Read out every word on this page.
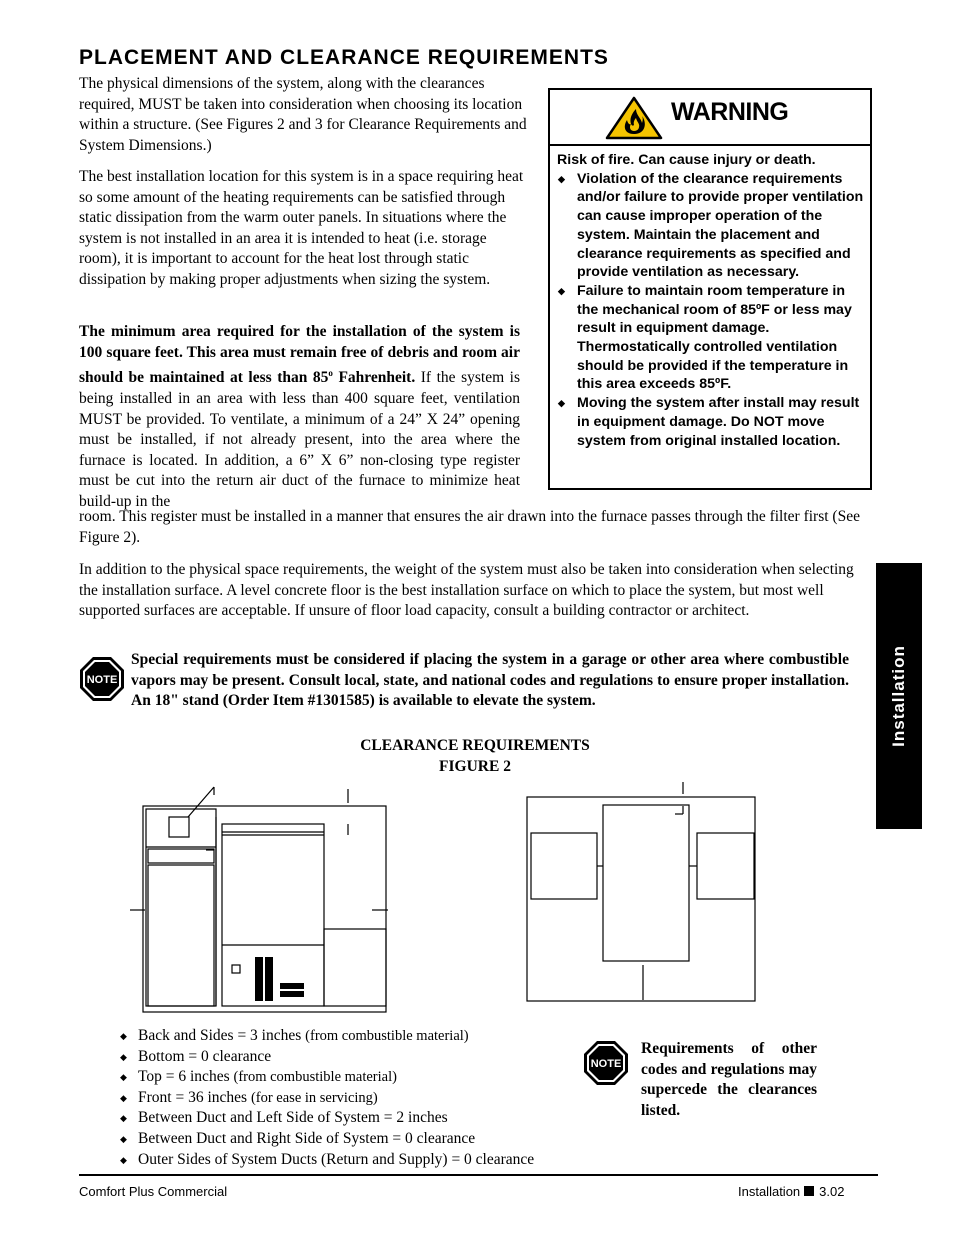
PLACEMENT AND CLEARANCE REQUIREMENTS

The physical dimensions of the system, along with the clearances required, MUST be taken into consideration when choosing its location within a structure. (See Figures 2 and 3 for Clearance Requirements and System Dimensions.)

The best installation location for this system is in a space requiring heat so some amount of the heating requirements can be satisfied through static dissipation from the warm outer panels. In situations where the system is not installed in an area it is intended to heat (i.e. storage room), it is important to account for the heat lost through static dissipation by making proper adjustments when sizing the system.

The minimum area required for the installation of the system is 100 square feet. This area must remain free of debris and room air should be maintained at less than 85$^o$ Fahrenheit. If the system is being installed in an area with less than 400 square feet, ventilation MUST be provided. To ventilate, a minimum of a 24” X 24” opening must be installed, if not already present, into the area where the furnace is located. In addition, a 6” X 6” non-closing type register must be cut into the return air duct of the furnace to minimize heat build-up in the

room. This register must be installed in a manner that ensures the air drawn into the furnace passes through the filter first (See Figure 2).

In addition to the physical space requirements, the weight of the system must also be taken into consideration when selecting the installation surface. A level concrete floor is the best installation surface on which to place the system, but most well supported surfaces are acceptable. If unsure of floor load capacity, consult a building contractor or architect.

WARNING
Risk of fire. Can cause injury or death.
◆ Violation of the clearance requirements and/or failure to provide proper ventilation can cause improper operation of the system. Maintain the placement and clearance requirements as specified and provide ventilation as necessary.
◆ Failure to maintain room temperature in the mechanical room of 85ºF or less may result in equipment damage. Thermostatically controlled ventilation should be provided if the temperature in this area exceeds 85ºF.
◆ Moving the system after install may result in equipment damage. Do NOT move system from original installed location.
NOTE

Special requirements must be considered if placing the system in a garage or other area where combustible vapors may be present. Consult local, state, and national codes and regulations to ensure proper installation. An 18" stand (Order Item #1301585) is available to elevate the system.

CLEARANCE REQUIREMENTS
FIGURE 2
◆ Back and Sides = 3 inches (from combustible material)
◆ Bottom = 0 clearance
◆ Top = 6 inches (from combustible material)
◆ Front = 36 inches (for ease in servicing)
◆ Between Duct and Left Side of System = 2 inches
◆ Between Duct and Right Side of System = 0 clearance
◆ Outer Sides of System Ducts (Return and Supply) = 0 clearance
NOTE

Requirements of other codes and regulations may supercede the clearances listed.

Installation
Comfort Plus Commercial	Installation 3.02
